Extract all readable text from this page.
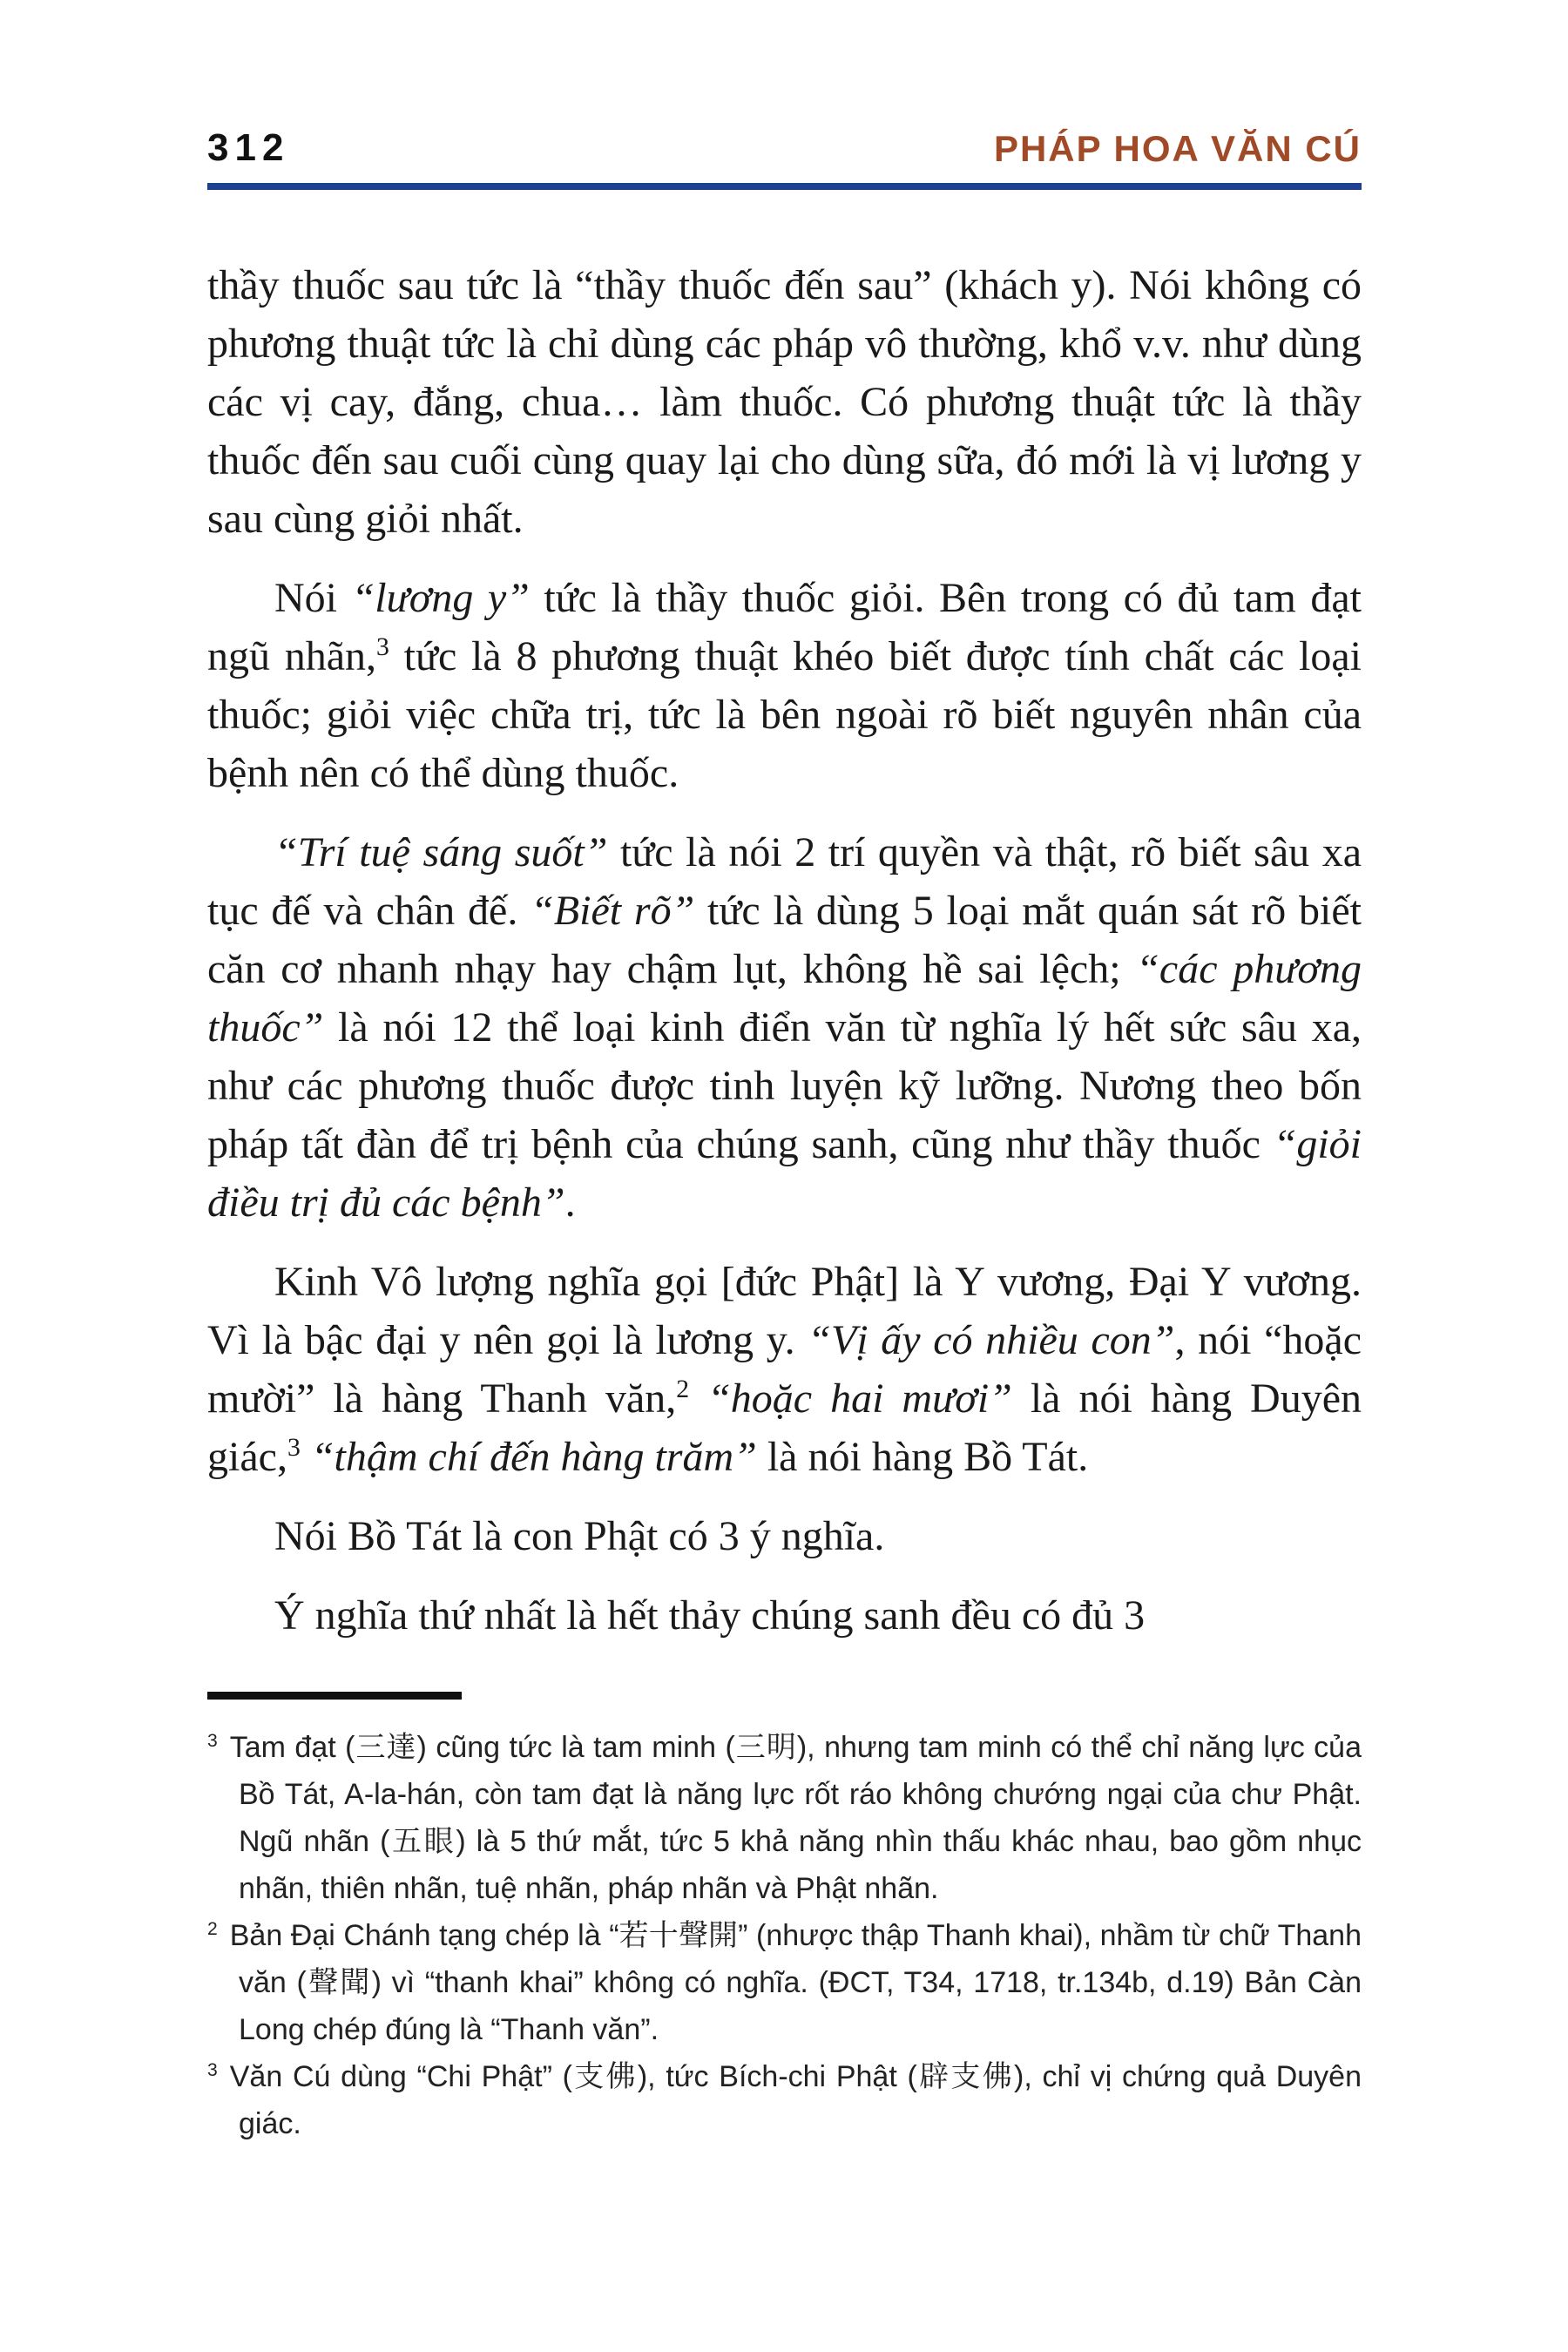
312	PHÁP HOA VĂN CÚ

thầy thuốc sau tức là “thầy thuốc đến sau” (khách y). Nói không có phương thuật tức là chỉ dùng các pháp vô thường, khổ v.v. như dùng các vị cay, đắng, chua… làm thuốc. Có phương thuật tức là thầy thuốc đến sau cuối cùng quay lại cho dùng sữa, đó mới là vị lương y sau cùng giỏi nhất.

Nói “lương y” tức là thầy thuốc giỏi. Bên trong có đủ tam đạt ngũ nhãn,$^3$ tức là 8 phương thuật khéo biết được tính chất các loại thuốc; giỏi việc chữa trị, tức là bên ngoài rõ biết nguyên nhân của bệnh nên có thể dùng thuốc.

“Trí tuệ sáng suốt” tức là nói 2 trí quyền và thật, rõ biết sâu xa tục đế và chân đế. “Biết rõ” tức là dùng 5 loại mắt quán sát rõ biết căn cơ nhanh nhạy hay chậm lụt, không hề sai lệch; “các phương thuốc” là nói 12 thể loại kinh điển văn từ nghĩa lý hết sức sâu xa, như các phương thuốc được tinh luyện kỹ lưỡng. Nương theo bốn pháp tất đàn để trị bệnh của chúng sanh, cũng như thầy thuốc “giỏi điều trị đủ các bệnh”.

Kinh Vô lượng nghĩa gọi [đức Phật] là Y vương, Đại Y vương. Vì là bậc đại y nên gọi là lương y. “Vị ấy có nhiều con”, nói “hoặc mười” là hàng Thanh văn,$^2$ “hoặc hai mươi” là nói hàng Duyên giác,$^3$ “thậm chí đến hàng trăm” là nói hàng Bồ Tát.

Nói Bồ Tát là con Phật có 3 ý nghĩa.

Ý nghĩa thứ nhất là hết thảy chúng sanh đều có đủ 3

$^3$ Tam đạt (三達) cũng tức là tam minh (三明), nhưng tam minh có thể chỉ năng lực của Bồ Tát, A-la-hán, còn tam đạt là năng lực rốt ráo không chướng ngại của chư Phật. Ngũ nhãn (五眼) là 5 thứ mắt, tức 5 khả năng nhìn thấu khác nhau, bao gồm nhục nhãn, thiên nhãn, tuệ nhãn, pháp nhãn và Phật nhãn.

$^2$ Bản Đại Chánh tạng chép là “若十聲開” (nhược thập Thanh khai), nhầm từ chữ Thanh văn (聲聞) vì “thanh khai” không có nghĩa. (ĐCT, T34, 1718, tr.134b, d.19) Bản Càn Long chép đúng là “Thanh văn”.

$^3$ Văn Cú dùng “Chi Phật” (支佛), tức Bích-chi Phật (辟支佛), chỉ vị chứng quả Duyên giác.
